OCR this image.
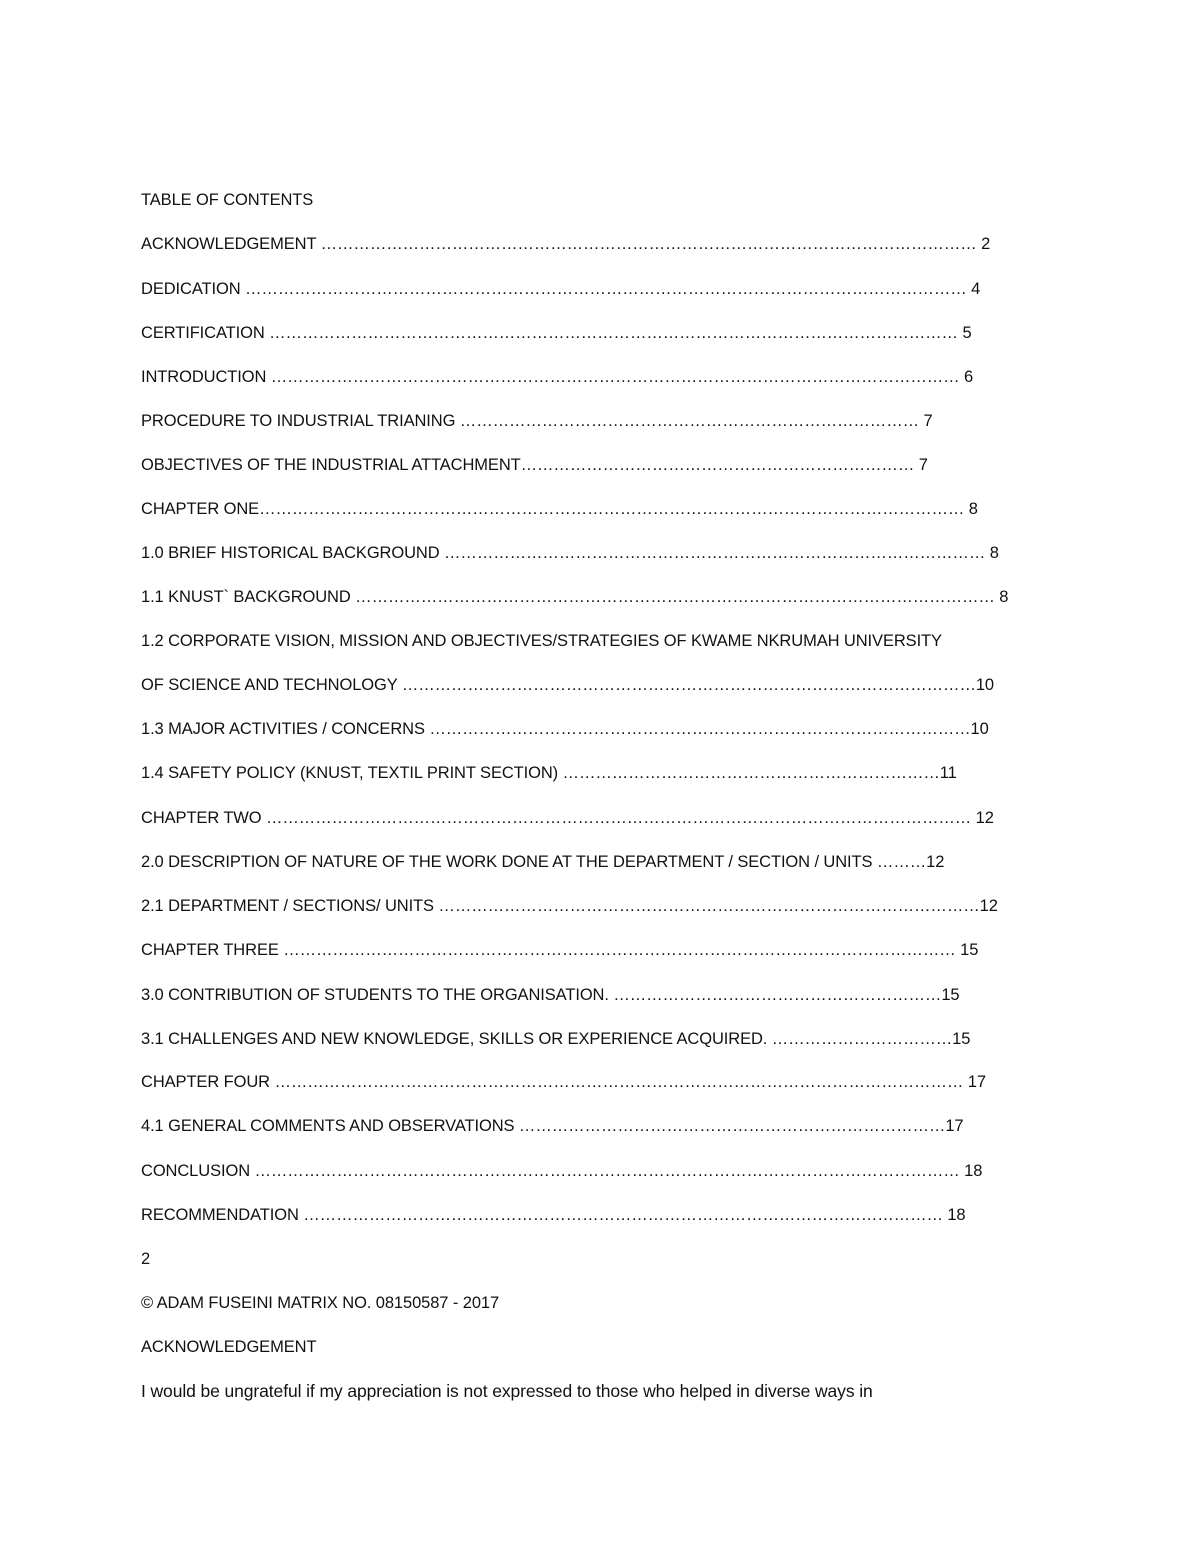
TABLE OF CONTENTS
ACKNOWLEDGEMENT ………………………………………………………………………………………………………… 2
DEDICATION …………………………………………………………………………………………………………………… 4
CERTIFICATION ……………………………………………………………………………………………………………… 5
INTRODUCTION ……………………………………………………………………………………………………………… 6
PROCEDURE TO INDUSTRIAL TRIANING ………………………………………………………………………… 7
OBJECTIVES OF THE INDUSTRIAL ATTACHMENT……………………………………………………………… 7
CHAPTER ONE………………………………………………………………………………………………………………… 8
1.0 BRIEF HISTORICAL BACKGROUND ……………………………………………………………………………………… 8
1.1 KNUST` BACKGROUND ……………………………………………………………………………………………………… 8
1.2 CORPORATE VISION, MISSION AND OBJECTIVES/STRATEGIES OF KWAME NKRUMAH UNIVERSITY
OF SCIENCE AND TECHNOLOGY ……………………………………………………………………………………………10
1.3 MAJOR ACTIVITIES / CONCERNS ………………………………………………………………………………………10
1.4 SAFETY POLICY (KNUST, TEXTIL PRINT SECTION) ……………………………………………………………11
CHAPTER TWO ………………………………………………………………………………………………………………… 12
2.0 DESCRIPTION OF NATURE OF THE WORK DONE AT THE DEPARTMENT / SECTION / UNITS ………12
2.1 DEPARTMENT / SECTIONS/ UNITS ………………………………………………………………………………………12
CHAPTER THREE …………………………………………………………………………………………………………… 15
3.0 CONTRIBUTION OF STUDENTS TO THE ORGANISATION. ……………………………………………………15
3.1 CHALLENGES AND NEW KNOWLEDGE, SKILLS OR EXPERIENCE ACQUIRED. ……………………………15
CHAPTER FOUR ……………………………………………………………………………………………………………… 17
4.1 GENERAL COMMENTS AND OBSERVATIONS ……………………………………………………………………17
CONCLUSION ………………………………………………………………………………………………………………… 18
RECOMMENDATION ……………………………………………………………………………………………………… 18
2
© ADAM FUSEINI MATRIX NO. 08150587 - 2017
ACKNOWLEDGEMENT
I would be ungrateful if my appreciation is not expressed to those who helped in diverse ways in
